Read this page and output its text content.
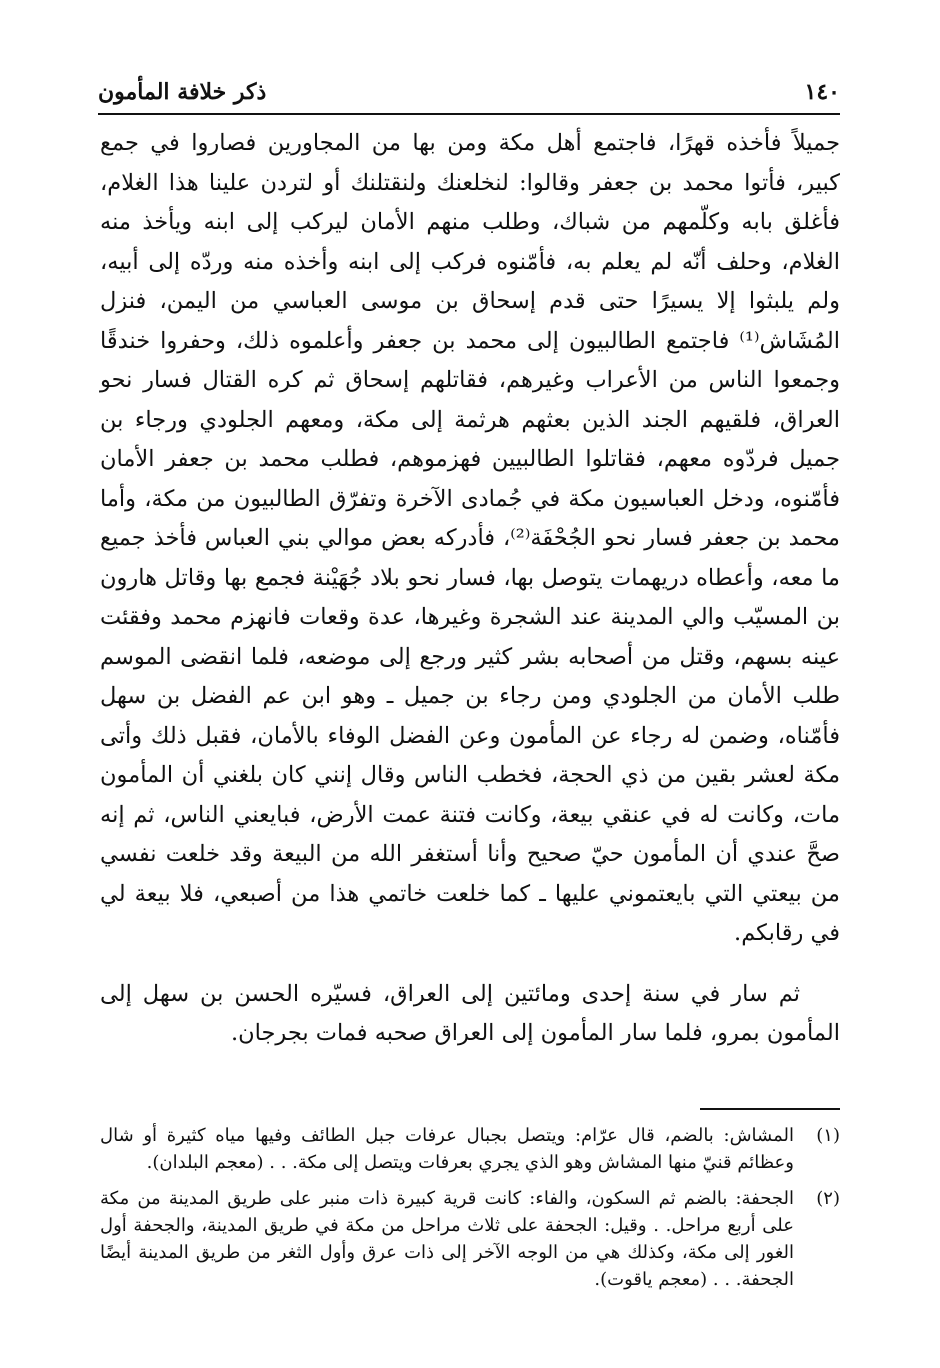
١٤٠
ذكر خلافة المأمون

جميلاً فأخذه قهرًا، فاجتمع أهل مكة ومن بها من المجاورين فصاروا في جمع كبير، فأتوا محمد بن جعفر وقالوا: لنخلعنك ولنقتلنك أو لتردن علينا هذا الغلام، فأغلق بابه وكلّمهم من شباك، وطلب منهم الأمان ليركب إلى ابنه ويأخذ منه الغلام، وحلف أنّه لم يعلم به، فأمّنوه فركب إلى ابنه وأخذه منه وردّه إلى أبيه، ولم يلبثوا إلا يسيرًا حتى قدم إسحاق بن موسى العباسي من اليمن، فنزل المُشَاش⁽¹⁾ فاجتمع الطالبيون إلى محمد بن جعفر وأعلموه ذلك، وحفروا خندقًا وجمعوا الناس من الأعراب وغيرهم، فقاتلهم إسحاق ثم كره القتال فسار نحو العراق، فلقيهم الجند الذين بعثهم هرثمة إلى مكة، ومعهم الجلودي ورجاء بن جميل فردّوه معهم، فقاتلوا الطالبيين فهزموهم، فطلب محمد بن جعفر الأمان فأمّنوه، ودخل العباسيون مكة في جُمادى الآخرة وتفرّق الطالبيون من مكة، وأما محمد بن جعفر فسار نحو الجُحْفَة⁽²⁾، فأدركه بعض موالي بني العباس فأخذ جميع ما معه، وأعطاه دريهمات يتوصل بها، فسار نحو بلاد جُهَيْنة فجمع بها وقاتل هارون بن المسيّب والي المدينة عند الشجرة وغيرها، عدة وقعات فانهزم محمد وفقئت عينه بسهم، وقتل من أصحابه بشر كثير ورجع إلى موضعه، فلما انقضى الموسم طلب الأمان من الجلودي ومن رجاء بن جميل ـ وهو ابن عم الفضل بن سهل فأمّناه، وضمن له رجاء عن المأمون وعن الفضل الوفاء بالأمان، فقبل ذلك وأتى مكة لعشر بقين من ذي الحجة، فخطب الناس وقال إنني كان بلغني أن المأمون مات، وكانت له في عنقي بيعة، وكانت فتنة عمت الأرض، فبايعني الناس، ثم إنه صحَّ عندي أن المأمون حيّ صحيح وأنا أستغفر الله من البيعة وقد خلعت نفسي من بيعتي التي بايعتموني عليها ـ كما خلعت خاتمي هذا من أصبعي، فلا بيعة لي في رقابكم.

ثم سار في سنة إحدى ومائتين إلى العراق، فسيّره الحسن بن سهل إلى المأمون بمرو، فلما سار المأمون إلى العراق صحبه فمات بجرجان.

(١)
المشاش: بالضم، قال عرّام: ويتصل بجبال عرفات جبل الطائف وفيها مياه كثيرة أو شال وعظائم قنيّ منها المشاش وهو الذي يجري بعرفات ويتصل إلى مكة. . . (معجم البلدان).
(٢)
الجحفة: بالضم ثم السكون، والفاء: كانت قرية كبيرة ذات منبر على طريق المدينة من مكة على أربع مراحل. . وقيل: الجحفة على ثلاث مراحل من مكة في طريق المدينة، والجحفة أول الغور إلى مكة، وكذلك هي من الوجه الآخر إلى ذات عرق وأول الثغر من طريق المدينة أيضًا الجحفة. . . (معجم ياقوت).
